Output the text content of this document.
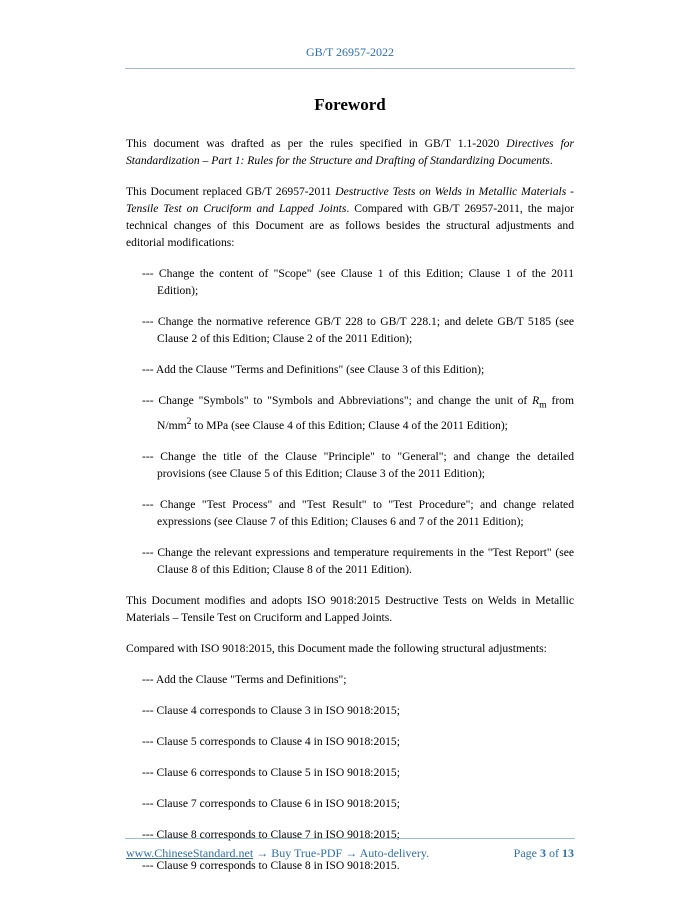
GB/T 26957-2022
Foreword

This document was drafted as per the rules specified in GB/T 1.1-2020 Directives for Standardization – Part 1: Rules for the Structure and Drafting of Standardizing Documents.

This Document replaced GB/T 26957-2011 Destructive Tests on Welds in Metallic Materials - Tensile Test on Cruciform and Lapped Joints. Compared with GB/T 26957-2011, the major technical changes of this Document are as follows besides the structural adjustments and editorial modifications:

--- Change the content of "Scope" (see Clause 1 of this Edition; Clause 1 of the 2011 Edition);
--- Change the normative reference GB/T 228 to GB/T 228.1; and delete GB/T 5185 (see Clause 2 of this Edition; Clause 2 of the 2011 Edition);
--- Add the Clause "Terms and Definitions" (see Clause 3 of this Edition);
--- Change "Symbols" to "Symbols and Abbreviations"; and change the unit of $R_m$ from $N/mm^2$ to MPa (see Clause 4 of this Edition; Clause 4 of the 2011 Edition);
--- Change the title of the Clause "Principle" to "General"; and change the detailed provisions (see Clause 5 of this Edition; Clause 3 of the 2011 Edition);
--- Change "Test Process" and "Test Result" to "Test Procedure"; and change related expressions (see Clause 7 of this Edition; Clauses 6 and 7 of the 2011 Edition);
--- Change the relevant expressions and temperature requirements in the "Test Report" (see Clause 8 of this Edition; Clause 8 of the 2011 Edition).

This Document modifies and adopts ISO 9018:2015 Destructive Tests on Welds in Metallic Materials – Tensile Test on Cruciform and Lapped Joints.

Compared with ISO 9018:2015, this Document made the following structural adjustments:

--- Add the Clause "Terms and Definitions";
--- Clause 4 corresponds to Clause 3 in ISO 9018:2015;
--- Clause 5 corresponds to Clause 4 in ISO 9018:2015;
--- Clause 6 corresponds to Clause 5 in ISO 9018:2015;
--- Clause 7 corresponds to Clause 6 in ISO 9018:2015;
--- Clause 8 corresponds to Clause 7 in ISO 9018:2015;
--- Clause 9 corresponds to Clause 8 in ISO 9018:2015.
www.ChineseStandard.net → Buy True-PDF → Auto-delivery.	Page 3 of 13
